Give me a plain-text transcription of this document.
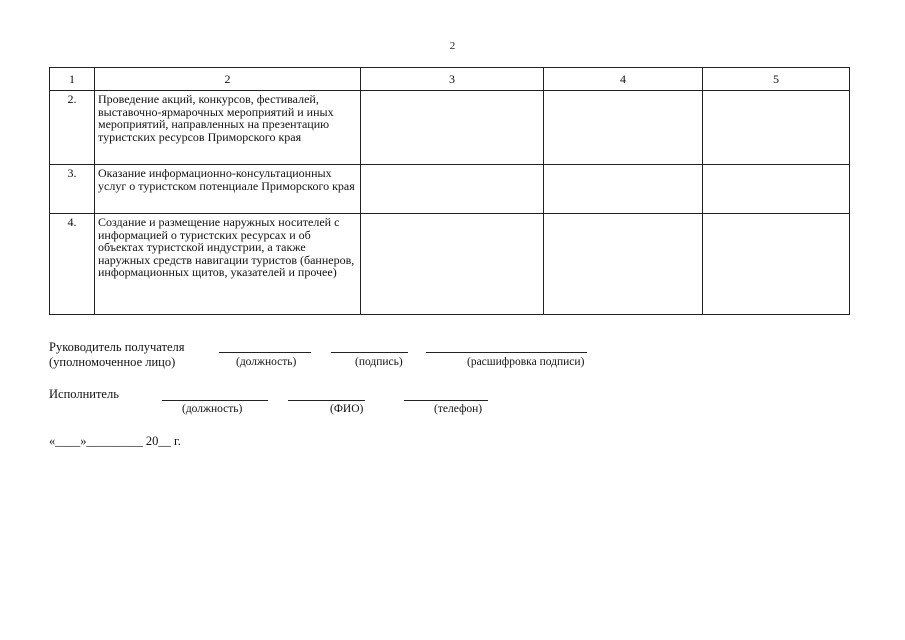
2
1	2	3	4	5
2.	Проведение акций, конкурсов, фестивалей, выставочно-ярмарочных мероприятий и иных мероприятий, направленных на презентацию туристских ресурсов Приморского края			
3.	Оказание информационно-консультационных услуг о туристском потенциале Приморского края			
4.	Создание и размещение наружных носителей с информацией о туристских ресурсах и об объектах туристской индустрии, а также наружных средств навигации туристов (баннеров, информационных щитов, указателей и прочее)			
Руководитель получателя
(уполномоченное лицо)	(должность)	(подпись)	(расшифровка подписи)
Исполнитель
(должность)	(ФИО)	(телефон)
«____»_________ 20__ г.
